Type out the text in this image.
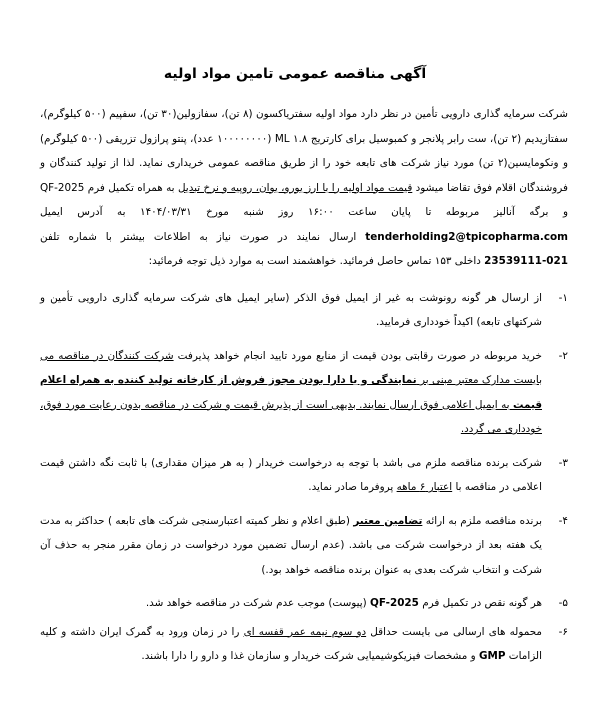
آگهی مناقصه عمومی تامین مواد اولیه

شرکت سرمایه گذاری دارویی تأمین در نظر دارد مواد اولیه سفتریاکسون (۸ تن)، سفازولین(۳۰ تن)، سفپیم (۵۰۰ کیلوگرم)، سفتازیدیم (۲ تن)، ست رابر پلانجر و کمبوسیل برای کارتریج ۱.۸ ML (۱۰۰۰۰۰۰۰۰ عدد)، پنتو پرازول تزریقی (۵۰۰ کیلوگرم) و ونکومایسین(۲ تن) مورد نیاز شرکت های تابعه خود را از طریق مناقصه عمومی خریداری نماید. لذا از تولید کنندگان و فروشندگان اقلام فوق تقاضا میشود قیمت مواد اولیه را با ارز یورو، یوان، روپیه و نرخ تبدیل به همراه تکمیل فرم QF-2025 و برگه آنالیز مربوطه تا پایان ساعت ۱۶:۰۰ روز شنبه مورخ ۱۴۰۴/۰۳/۳۱ به آدرس ایمیل tenderholding2@tpicopharma.com ارسال نمایند در صورت نیاز به اطلاعات بیشتر با شماره تلفن 23539111-021 داخلی ۱۵۳ تماس حاصل فرمائید. خواهشمند است به موارد ذیل توجه فرمائید:

۱-
از ارسال هر گونه رونوشت به غیر از ایمیل فوق الذکر (سایر ایمیل های شرکت سرمایه گذاری دارویی تأمین و شرکتهای تابعه) اکیداً خودداری فرمایید.
۲-
خرید مربوطه در صورت رقابتی بودن قیمت از منابع مورد تایید انجام خواهد پذیرفت شرکت کنندگان در مناقصه می بایست مدارک معتبر مبنی بر نمایندگی و یا دارا بودن مجوز فروش از کارخانه تولید کننده به همراه اعلام قیمت به ایمیل اعلامی فوق ارسال نمایند. بدیهی است از پذیرش قیمت و شرکت در مناقصه بدون رعایت مورد فوق، خودداری می گردد.
۳-
شرکت برنده مناقصه ملزم می باشد با توجه به درخواست خریدار ( به هر میزان مقداری) با ثابت نگه داشتن قیمت اعلامی در مناقصه با اعتبار ۶ ماهه پروفرما صادر نماید.
۴-
برنده مناقصه ملزم به ارائه تضامین معتبر (طبق اعلام و نظر کمیته اعتبارسنجی شرکت های تابعه ) حداکثر به مدت یک هفته بعد از درخواست شرکت می باشد. (عدم ارسال تضمین مورد درخواست در زمان مقرر منجر به حذف آن شرکت و انتخاب شرکت بعدی به عنوان برنده مناقصه خواهد بود.)
۵-
هر گونه نقص در تکمیل فرم QF-2025 (پیوست) موجب عدم شرکت در مناقصه خواهد شد.
۶-
محموله های ارسالی می بایست حداقل دو سوم نیمه عمر قفسه ای را در زمان ورود به گمرک ایران داشته و کلیه الزامات GMP و مشخصات فیزیکوشیمیایی شرکت خریدار و سازمان غذا و دارو را دارا باشند.
